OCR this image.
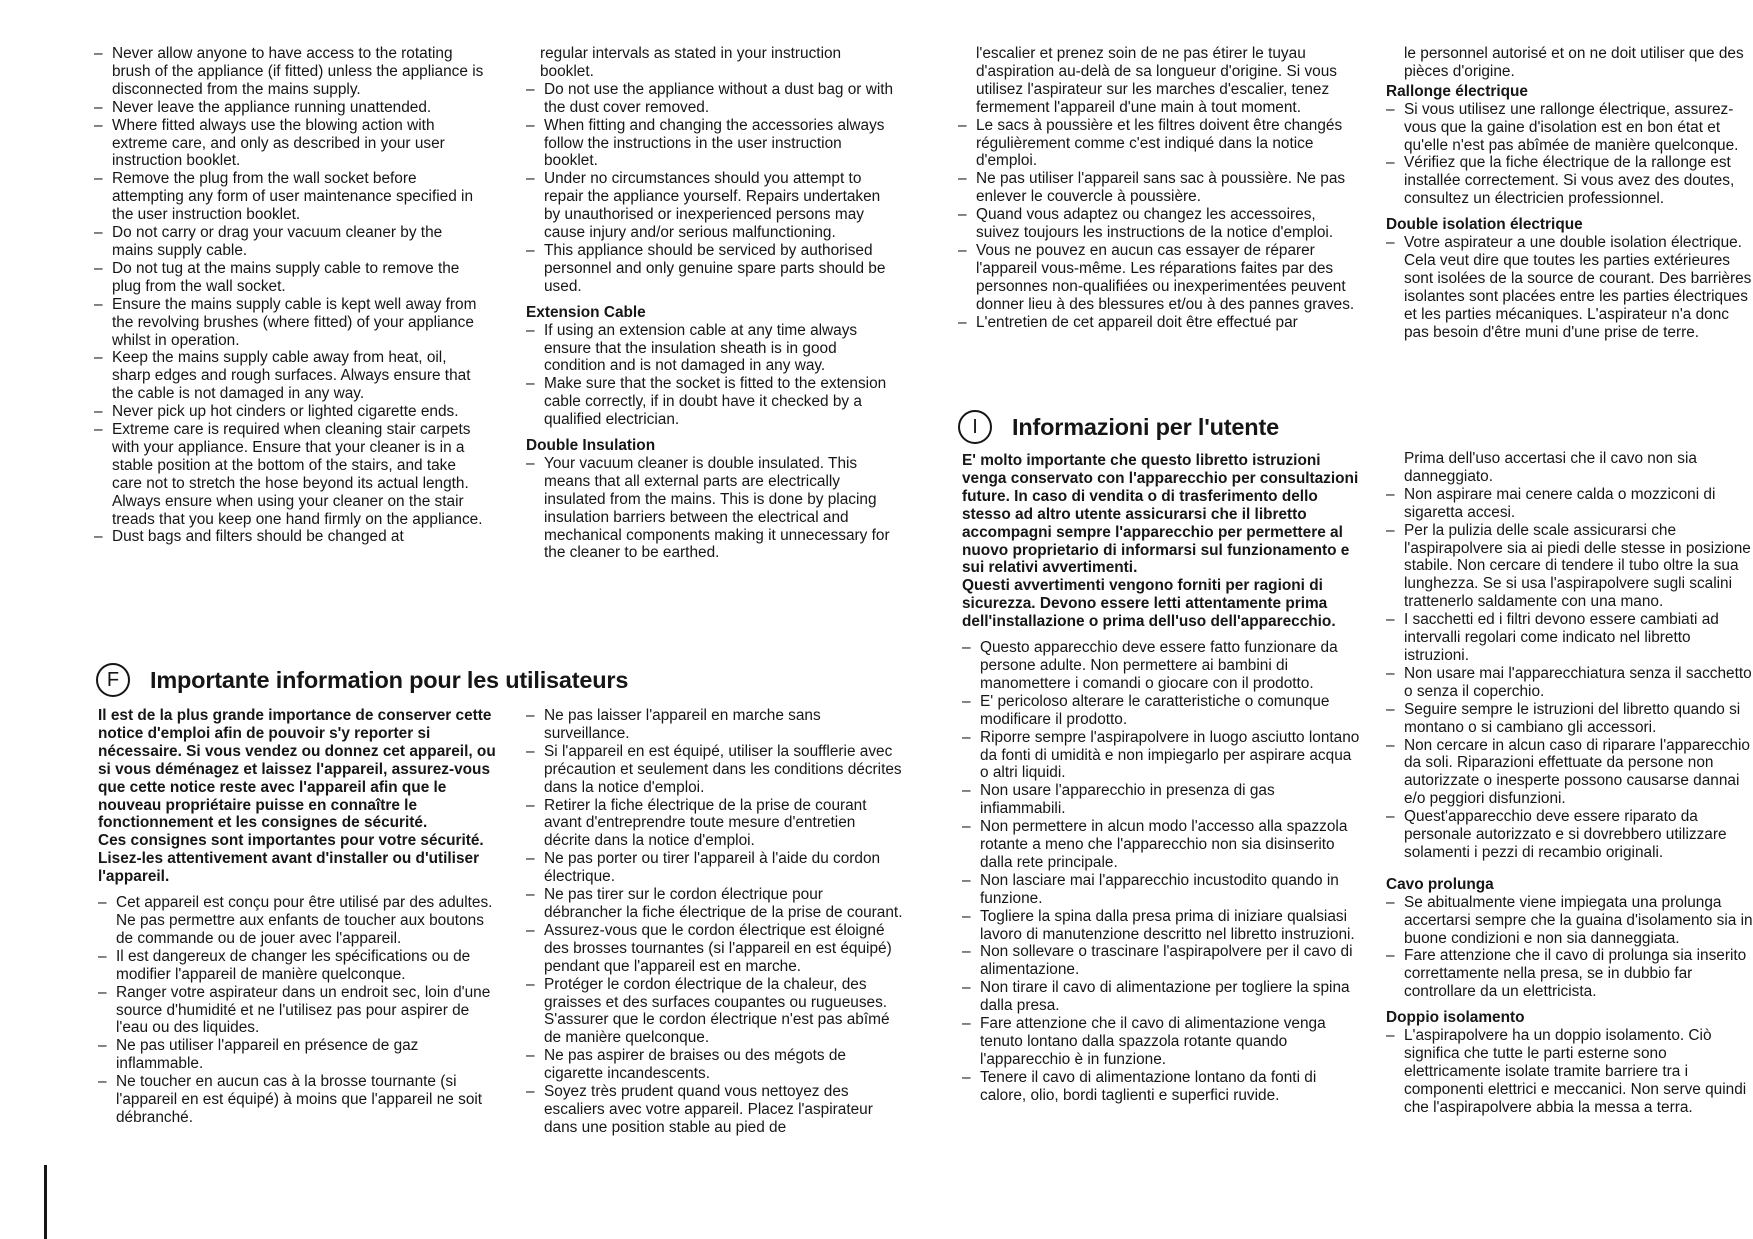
– Never allow anyone to have access to the rotating brush of the appliance (if fitted) unless the appliance is disconnected from the mains supply.
– Never leave the appliance running unattended.
– Where fitted always use the blowing action with extreme care, and only as described in your user instruction booklet.
– Remove the plug from the wall socket before attempting any form of user maintenance specified in the user instruction booklet.
– Do not carry or drag your vacuum cleaner by the mains supply cable.
– Do not tug at the mains supply cable to remove the plug from the wall socket.
– Ensure the mains supply cable is kept well away from the revolving brushes (where fitted) of your appliance whilst in operation.
– Keep the mains supply cable away from heat, oil, sharp edges and rough surfaces. Always ensure that the cable is not damaged in any way.
– Never pick up hot cinders or lighted cigarette ends.
– Extreme care is required when cleaning stair carpets with your appliance. Ensure that your cleaner is in a stable position at the bottom of the stairs, and take care not to stretch the hose beyond its actual length. Always ensure when using your cleaner on the stair treads that you keep one hand firmly on the appliance.
– Dust bags and filters should be changed at

regular intervals as stated in your instruction booklet.

– Do not use the appliance without a dust bag or with the dust cover removed.
– When fitting and changing the accessories always follow the instructions in the user instruction booklet.
– Under no circumstances should you attempt to repair the appliance yourself. Repairs undertaken by unauthorised or inexperienced persons may cause injury and/or serious malfunctioning.
– This appliance should be serviced by authorised personnel and only genuine spare parts should be used.
Extension Cable
– If using an extension cable at any time always ensure that the insulation sheath is in good condition and is not damaged in any way.
– Make sure that the socket is fitted to the extension cable correctly, if in doubt have it checked by a qualified electrician.
Double Insulation
– Your vacuum cleaner is double insulated. This means that all external parts are electrically insulated from the mains. This is done by placing insulation barriers between the electrical and mechanical components making it unnecessary for the cleaner to be earthed.
F	Importante information pour les utilisateurs

Il est de la plus grande importance de conserver cette notice d'emploi afin de pouvoir s'y reporter si nécessaire. Si vous vendez ou donnez cet appareil, ou si vous déménagez et laissez l'appareil, assurez-vous que cette notice reste avec l'appareil afin que le nouveau propriétaire puisse en connaître le fonctionnement et les consignes de sécurité.

Ces consignes sont importantes pour votre sécurité. Lisez-les attentivement avant d'installer ou d'utiliser l'appareil.

– Cet appareil est conçu pour être utilisé par des adultes. Ne pas permettre aux enfants de toucher aux boutons de commande ou de jouer avec l'appareil.
– Il est dangereux de changer les spécifications ou de modifier l'appareil de manière quelconque.
– Ranger votre aspirateur dans un endroit sec, loin d'une source d'humidité et ne l'utilisez pas pour aspirer de l'eau ou des liquides.
– Ne pas utiliser l'appareil en présence de gaz inflammable.
– Ne toucher en aucun cas à la brosse tournante (si l'appareil en est équipé) à moins que l'appareil ne soit débranché.
– Ne pas laisser l'appareil en marche sans surveillance.
– Si l'appareil en est équipé, utiliser la soufflerie avec précaution et seulement dans les conditions décrites dans la notice d'emploi.
– Retirer la fiche électrique de la prise de courant avant d'entreprendre toute mesure d'entretien décrite dans la notice d'emploi.
– Ne pas porter ou tirer l'appareil à l'aide du cordon électrique.
– Ne pas tirer sur le cordon électrique pour débrancher la fiche électrique de la prise de courant.
– Assurez-vous que le cordon électrique est éloigné des brosses tournantes (si l'appareil en est équipé) pendant que l'appareil est en marche.
– Protéger le cordon électrique de la chaleur, des graisses et des surfaces coupantes ou rugueuses. S'assurer que le cordon électrique n'est pas abîmé de manière quelconque.
– Ne pas aspirer de braises ou des mégots de cigarette incandescents.
– Soyez très prudent quand vous nettoyez des escaliers avec votre appareil. Placez l'aspirateur dans une position stable au pied de

l'escalier et prenez soin de ne pas étirer le tuyau d'aspiration au-delà de sa longueur d'origine. Si vous utilisez l'aspirateur sur les marches d'escalier, tenez fermement l'appareil d'une main à tout moment.

– Le sacs à poussière et les filtres doivent être changés régulièrement comme c'est indiqué dans la notice d'emploi.
– Ne pas utiliser l'appareil sans sac à poussière. Ne pas enlever le couvercle à poussière.
– Quand vous adaptez ou changez les accessoires, suivez toujours les instructions de la notice d'emploi.
– Vous ne pouvez en aucun cas essayer de réparer l'appareil vous-même. Les réparations faites par des personnes non-qualifiées ou inexperimentées peuvent donner lieu à des blessures et/ou à des pannes graves.
– L'entretien de cet appareil doit être effectué par

le personnel autorisé et on ne doit utiliser que des pièces d'origine.

Rallonge électrique
– Si vous utilisez une rallonge électrique, assurez-vous que la gaine d'isolation est en bon état et qu'elle n'est pas abîmée de manière quelconque.
– Vérifiez que la fiche électrique de la rallonge est installée correctement. Si vous avez des doutes, consultez un électricien professionnel.
Double isolation électrique
– Votre aspirateur a une double isolation électrique. Cela veut dire que toutes les parties extérieures sont isolées de la source de courant. Des barrières isolantes sont placées entre les parties électriques et les parties mécaniques. L'aspirateur n'a donc pas besoin d'être muni d'une prise de terre.
I	Informazioni per l'utente

E' molto importante che questo libretto istruzioni venga conservato con l'apparecchio per consultazioni future. In caso di vendita o di trasferimento dello stesso ad altro utente assicurarsi che il libretto accompagni sempre l'apparecchio per permettere al nuovo proprietario di informarsi sul funzionamento e sui relativi avvertimenti.

Questi avvertimenti vengono forniti per ragioni di sicurezza. Devono essere letti attentamente prima dell'installazione o prima dell'uso dell'apparecchio.

– Questo apparecchio deve essere fatto funzionare da persone adulte. Non permettere ai bambini di manomettere i comandi o giocare con il prodotto.
– E' pericoloso alterare le caratteristiche o comunque modificare il prodotto.
– Riporre sempre l'aspirapolvere in luogo asciutto lontano da fonti di umidità e non impiegarlo per aspirare acqua o altri liquidi.
– Non usare l'apparecchio in presenza di gas infiammabili.
– Non permettere in alcun modo l'accesso alla spazzola rotante a meno che l'apparecchio non sia disinserito dalla rete principale.
– Non lasciare mai l'apparecchio incustodito quando in funzione.
– Togliere la spina dalla presa prima di iniziare qualsiasi lavoro di manutenzione descritto nel libretto instruzioni.
– Non sollevare o trascinare l'aspirapolvere per il cavo di alimentazione.
– Non tirare il cavo di alimentazione per togliere la spina dalla presa.
– Fare attenzione che il cavo di alimentazione venga tenuto lontano dalla spazzola rotante quando l'apparecchio è in funzione.
– Tenere il cavo di alimentazione lontano da fonti di calore, olio, bordi taglienti e superfici ruvide.

Prima dell'uso accertasi che il cavo non sia danneggiato.

– Non aspirare mai cenere calda o mozziconi di sigaretta accesi.
– Per la pulizia delle scale assicurarsi che l'aspirapolvere sia ai piedi delle stesse in posizione stabile. Non cercare di tendere il tubo oltre la sua lunghezza. Se si usa l'aspirapolvere sugli scalini trattenerlo saldamente con una mano.
– I sacchetti ed i filtri devono essere cambiati ad intervalli regolari come indicato nel libretto istruzioni.
– Non usare mai l'apparecchiatura senza il sacchetto o senza il coperchio.
– Seguire sempre le istruzioni del libretto quando si montano o si cambiano gli accessori.
– Non cercare in alcun caso di riparare l'apparecchio da soli. Riparazioni effettuate da persone non autorizzate o inesperte possono causarse dannai e/o peggiori disfunzioni.
– Quest'apparecchio deve essere riparato da personale autorizzato e si dovrebbero utilizzare solamenti i pezzi di recambio originali.
Cavo prolunga
– Se abitualmente viene impiegata una prolunga accertarsi sempre che la guaina d'isolamento sia in buone condizioni e non sia danneggiata.
– Fare attenzione che il cavo di prolunga sia inserito correttamente nella presa, se in dubbio far controllare da un elettricista.
Doppio isolamento
– L'aspirapolvere ha un doppio isolamento. Ciò significa che tutte le parti esterne sono elettricamente isolate tramite barriere tra i componenti elettrici e meccanici. Non serve quindi che l'aspirapolvere abbia la messa a terra.
